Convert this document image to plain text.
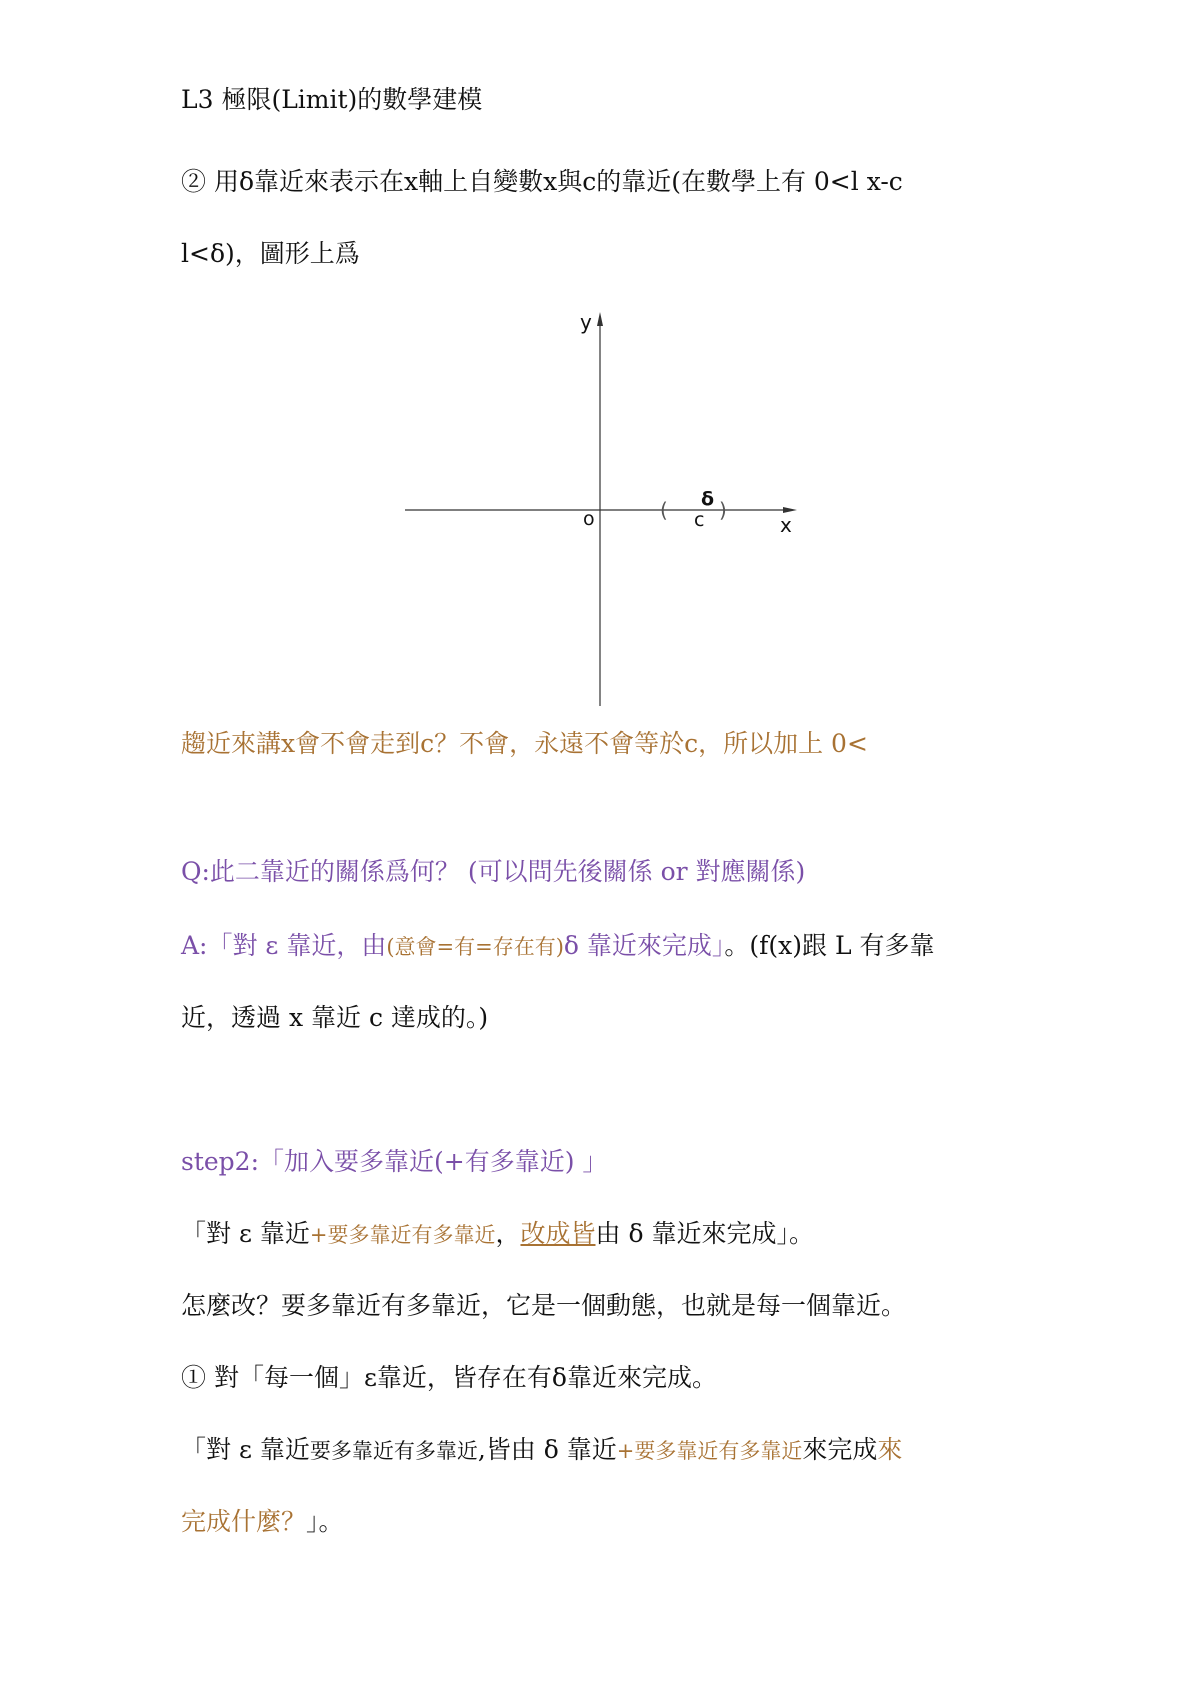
L3 極限(Limit)的數學建模
② 用δ靠近來表示在x軸上自變數x與c的靠近(在數學上有 0<l x-c
l<δ)，圖形上爲
y
x
o	c
δ
(	)
趨近來講x會不會走到c？不會，永遠不會等於c，所以加上 0<
Q:此二靠近的關係爲何？ (可以問先後關係 or 對應關係)
A:「對 ε 靠近，由(意會=有=存在有)δ 靠近來完成」。(f(x)跟 L 有多靠
近，透過 x 靠近 c 達成的。)
step2:「加入要多靠近(+有多靠近) 」
「對 ε 靠近+要多靠近有多靠近，改成皆由 δ 靠近來完成」。
怎麼改？要多靠近有多靠近，它是一個動態，也就是每一個靠近。
① 對「每一個」ε靠近，皆存在有δ靠近來完成。
「對 ε 靠近要多靠近有多靠近,皆由 δ 靠近+要多靠近有多靠近來完成來
完成什麼？」。
